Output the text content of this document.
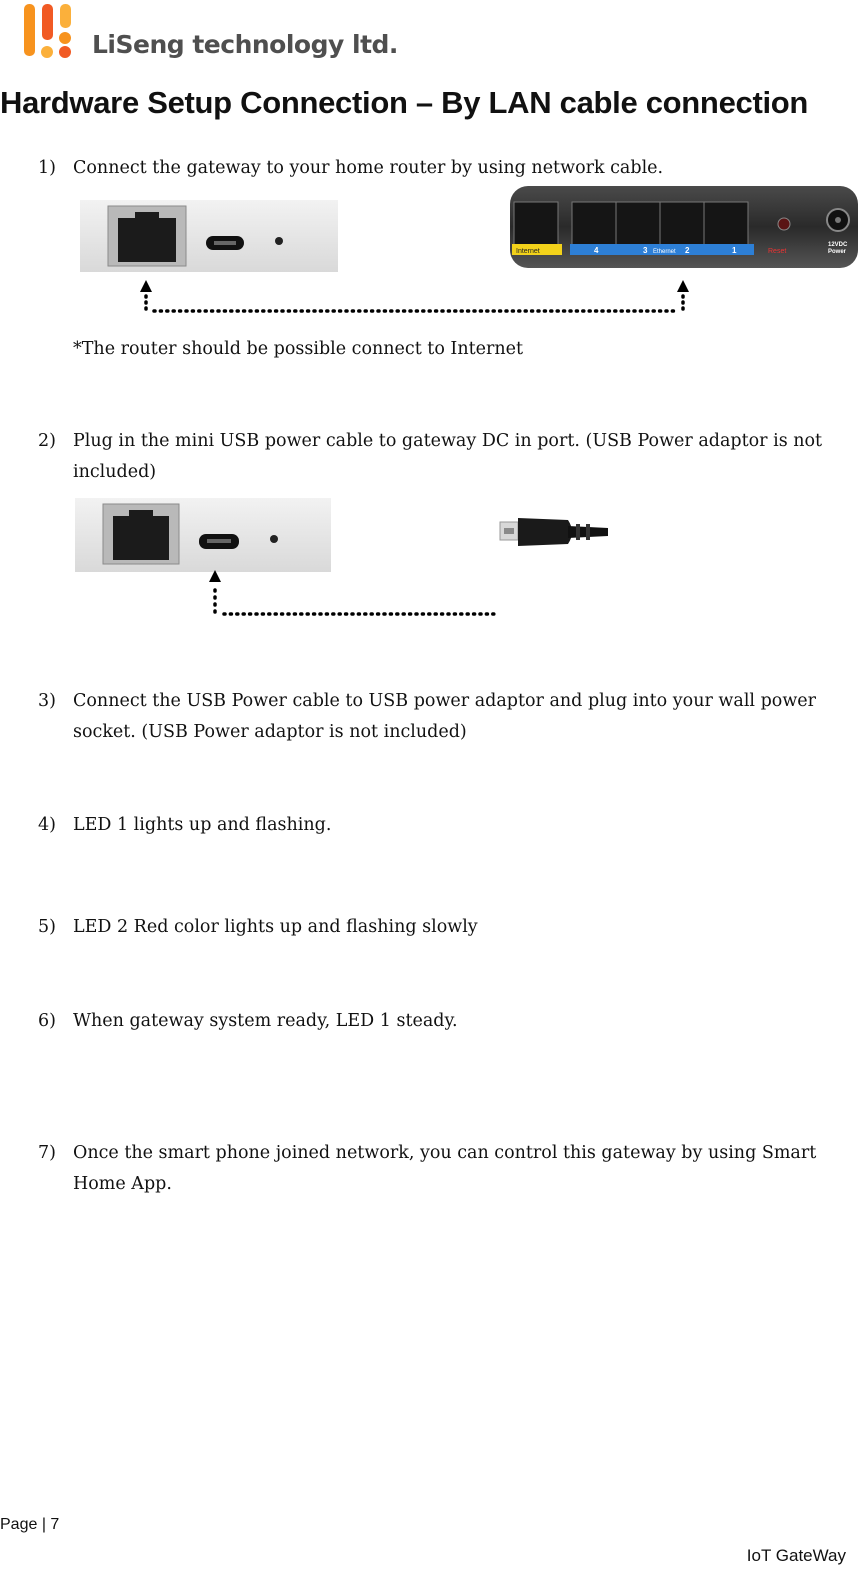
LiSeng technology ltd.
Hardware Setup Connection – By LAN cable connection
1) Connect the gateway to your home router by using network cable.
Internet	4	3 Ethernet 2	1	Reset
12VDC
Power
*The router should be possible connect to Internet
2) Plug in the mini USB power cable to gateway DC in port. (USB Power adaptor is not included)
3) Connect the USB Power cable to USB power adaptor and plug into your wall power socket. (USB Power adaptor is not included)
4) LED 1 lights up and flashing.
5) LED 2 Red color lights up and flashing slowly
6) When gateway system ready, LED 1 steady.
7) Once the smart phone joined network, you can control this gateway by using Smart Home App.
Page | 7
IoT GateWay
